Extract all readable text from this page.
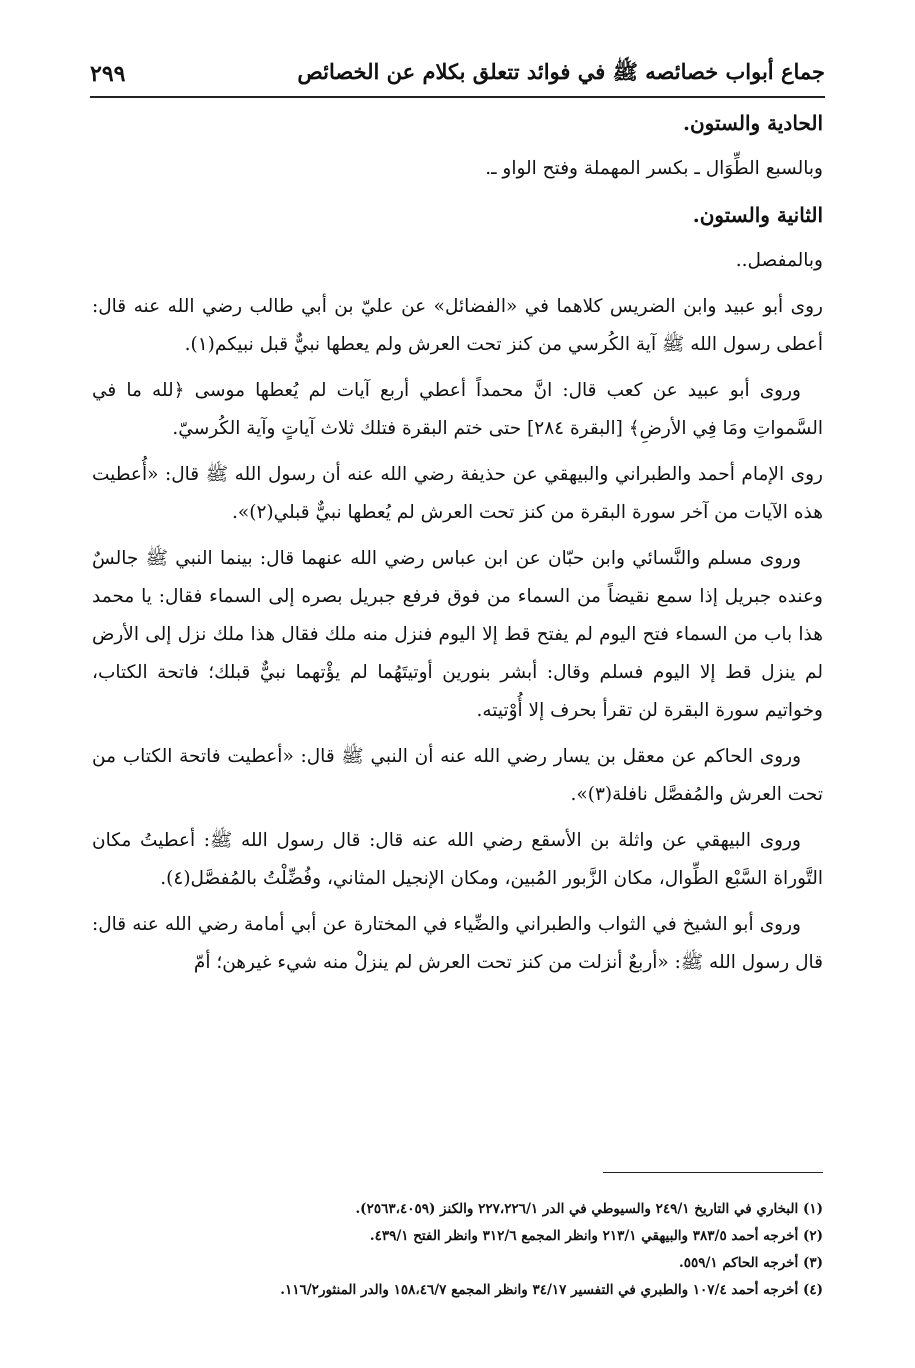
جماع أبواب خصائصه ﷺ في فوائد تتعلق بكلام عن الخصائص
٢٩٩

الحادية والستون.

وبالسبع الطِّوَال ـ بكسر المهملة وفتح الواو ـ.

الثانية والستون.

وبالمفصل..

روى أبو عبيد وابن الضريس كلاهما في «الفضائل» عن عليّ بن أبي طالب رضي الله عنه قال: أعطى رسول الله ﷺ آية الكُرسي من كنز تحت العرش ولم يعطها نبيٌّ قبل نبيكم(١).

وروى أبو عبيد عن كعب قال: انَّ محمداً أعطي أربع آيات لم يُعطها موسى ﴿لله ما في السَّمواتِ ومَا فِي الأرضِ﴾ [البقرة ٢٨٤] حتى ختم البقرة فتلك ثلاث آياتٍ وآية الكُرسيّ.

روى الإمام أحمد والطبراني والبيهقي عن حذيفة رضي الله عنه أن رسول الله ﷺ قال: «أُعطيت هذه الآيات من آخر سورة البقرة من كنز تحت العرش لم يُعطها نبيٌّ قبلي(٢)».

وروى مسلم والنَّسائي وابن حبّان عن ابن عباس رضي الله عنهما قال: بينما النبي ﷺ جالسٌ وعنده جبريل إذا سمع نقيضاً من السماء من فوق فرفع جبريل بصره إلى السماء فقال: يا محمد هذا باب من السماء فتح اليوم لم يفتح قط إلا اليوم فنزل منه ملك فقال هذا ملك نزل إلى الأرض لم ينزل قط إلا اليوم فسلم وقال: أبشر بنورين أوتيتَهُما لم يؤْتهما نبيٌّ قبلك؛ فاتحة الكتاب، وخواتيم سورة البقرة لن تقرأ بحرف إلا أُوْتيته.

وروى الحاكم عن معقل بن يسار رضي الله عنه أن النبي ﷺ قال: «أعطيت فاتحة الكتاب من تحت العرش والمُفصَّل نافلة(٣)».

وروى البيهقي عن واثلة بن الأسقع رضي الله عنه قال: قال رسول الله ﷺ: أعطيتُ مكان التَّوراة السَّبْع الطِّوال، مكان الزَّبور المُبين، ومكان الإنجيل المثاني، وفُضِّلْتُ بالمُفصَّل(٤).

وروى أبو الشيخ في الثواب والطبراني والضِّياء في المختارة عن أبي أمامة رضي الله عنه قال: قال رسول الله ﷺ: «أربعٌ أنزلت من كنز تحت العرش لم ينزلْ منه شيء غيرهن؛ أمّ

(١) البخاري في التاريخ ٢٤٩/١ والسيوطي في الدر ٢٢٧،٢٢٦/١ والكنز (٢٥٦٣،٤٠٥٩).
(٢) أخرجه أحمد ٣٨٣/٥ والبيهقي ٢١٣/١ وانظر المجمع ٣١٢/٦ وانظر الفتح ٤٣٩/١.
(٣) أخرجه الحاكم ٥٥٩/١.
(٤) أخرجه أحمد ١٠٧/٤ والطبري في التفسير ٣٤/١٧ وانظر المجمع ١٥٨،٤٦/٧ والدر المنثور١١٦/٢.
